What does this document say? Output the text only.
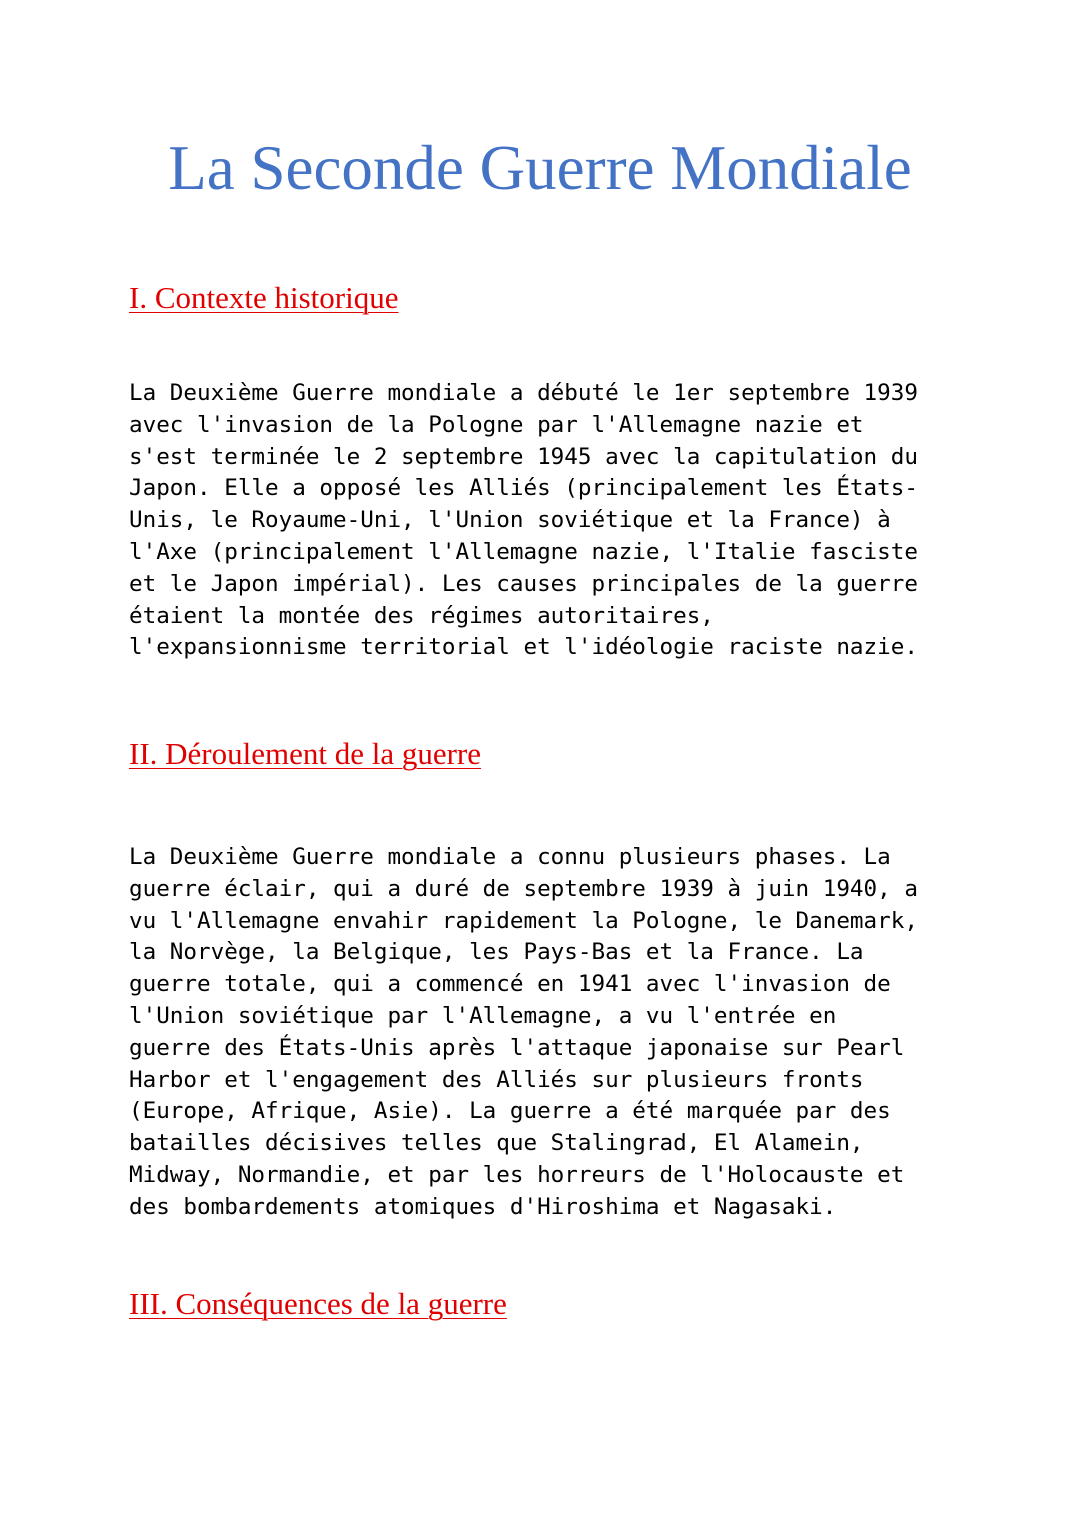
La Seconde Guerre Mondiale
I. Contexte historique
La Deuxième Guerre mondiale a débuté le 1er septembre 1939
avec l'invasion de la Pologne par l'Allemagne nazie et
s'est terminée le 2 septembre 1945 avec la capitulation du
Japon. Elle a opposé les Alliés (principalement les États-
Unis, le Royaume-Uni, l'Union soviétique et la France) à
l'Axe (principalement l'Allemagne nazie, l'Italie fasciste
et le Japon impérial). Les causes principales de la guerre
étaient la montée des régimes autoritaires,
l'expansionnisme territorial et l'idéologie raciste nazie.
II. Déroulement de la guerre
La Deuxième Guerre mondiale a connu plusieurs phases. La
guerre éclair, qui a duré de septembre 1939 à juin 1940, a
vu l'Allemagne envahir rapidement la Pologne, le Danemark,
la Norvège, la Belgique, les Pays-Bas et la France. La
guerre totale, qui a commencé en 1941 avec l'invasion de
l'Union soviétique par l'Allemagne, a vu l'entrée en
guerre des États-Unis après l'attaque japonaise sur Pearl
Harbor et l'engagement des Alliés sur plusieurs fronts
(Europe, Afrique, Asie). La guerre a été marquée par des
batailles décisives telles que Stalingrad, El Alamein,
Midway, Normandie, et par les horreurs de l'Holocauste et
des bombardements atomiques d'Hiroshima et Nagasaki.
III. Conséquences de la guerre
